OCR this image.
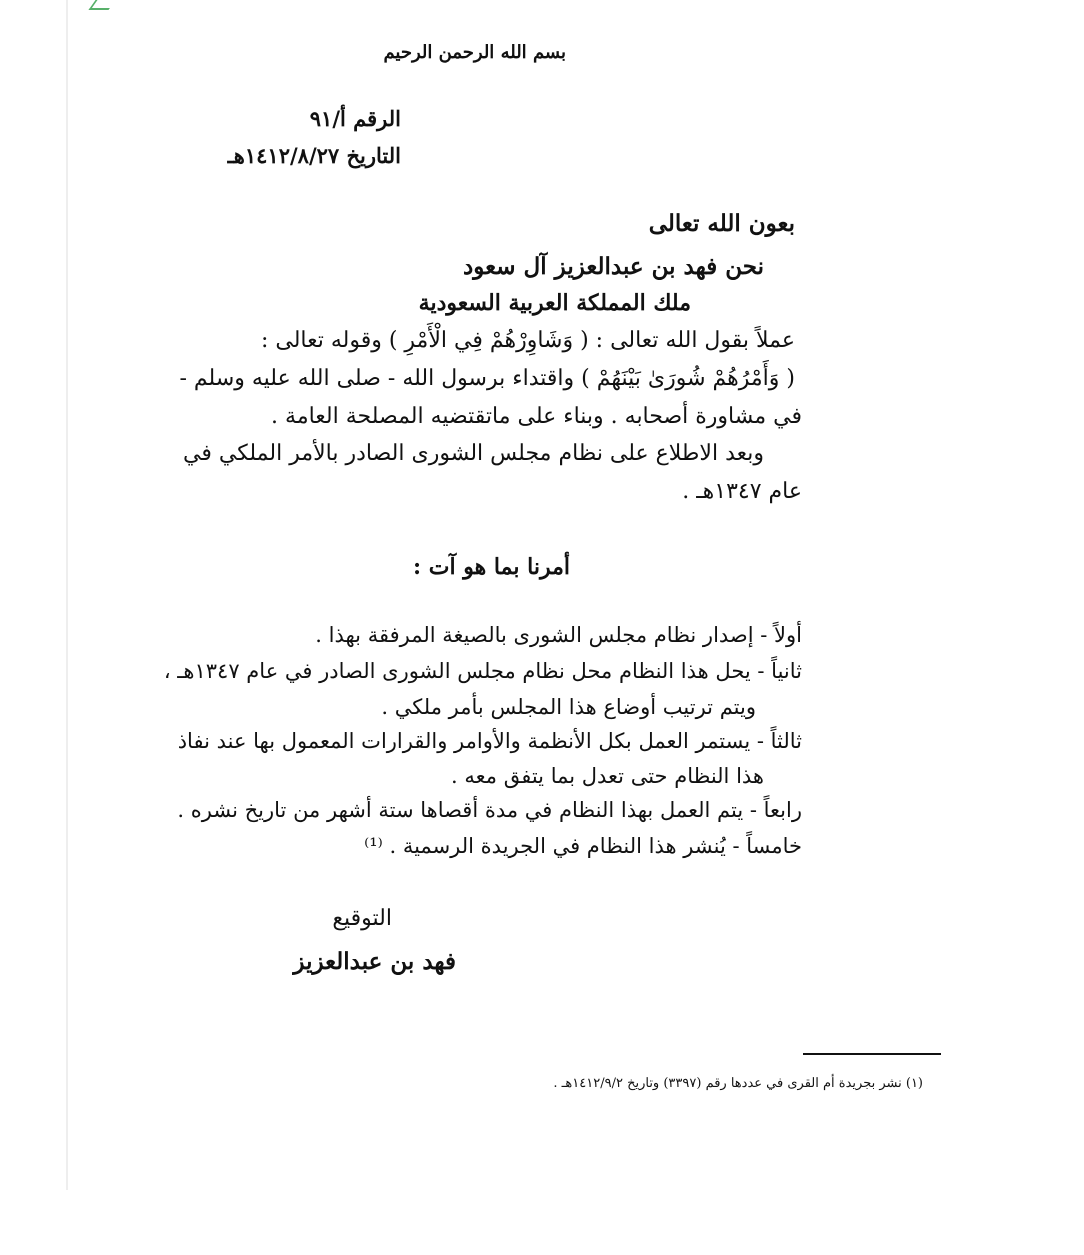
بسم الله الرحمن الرحيم
الرقم أ/٩١
التاريخ ١٤١٢/٨/٢٧هـ
بعون الله تعالى
نحن فهد بن عبدالعزيز آل سعود
ملك المملكة العربية السعودية
عملاً بقول الله تعالى : ( وَشَاوِرْهُمْ فِي الْأَمْرِ ) وقوله تعالى :
( وَأَمْرُهُمْ شُورَىٰ بَيْنَهُمْ ) واقتداء برسول الله - صلى الله عليه وسلم -
في مشاورة أصحابه . وبناء على ماتقتضيه المصلحة العامة .
وبعد الاطلاع على نظام مجلس الشورى الصادر بالأمر الملكي في
عام ١٣٤٧هـ .
أمرنا بما هو آت :
أولاً - إصدار نظام مجلس الشورى بالصيغة المرفقة بهذا .
ثانياً - يحل هذا النظام محل نظام مجلس الشورى الصادر في عام ١٣٤٧هـ ،
ويتم ترتيب أوضاع هذا المجلس بأمر ملكي .
ثالثاً - يستمر العمل بكل الأنظمة والأوامر والقرارات المعمول بها عند نفاذ
هذا النظام حتى تعدل بما يتفق معه .
رابعاً - يتم العمل بهذا النظام في مدة أقصاها ستة أشهر من تاريخ نشره .
خامساً - يُنشر هذا النظام في الجريدة الرسمية . ⁽¹⁾
التوقيع
فهد بن عبدالعزيز
(١) نشر بجريدة أم القرى في عددها رقم (٣٣٩٧) وتاريخ ١٤١٢/٩/٢هـ .
